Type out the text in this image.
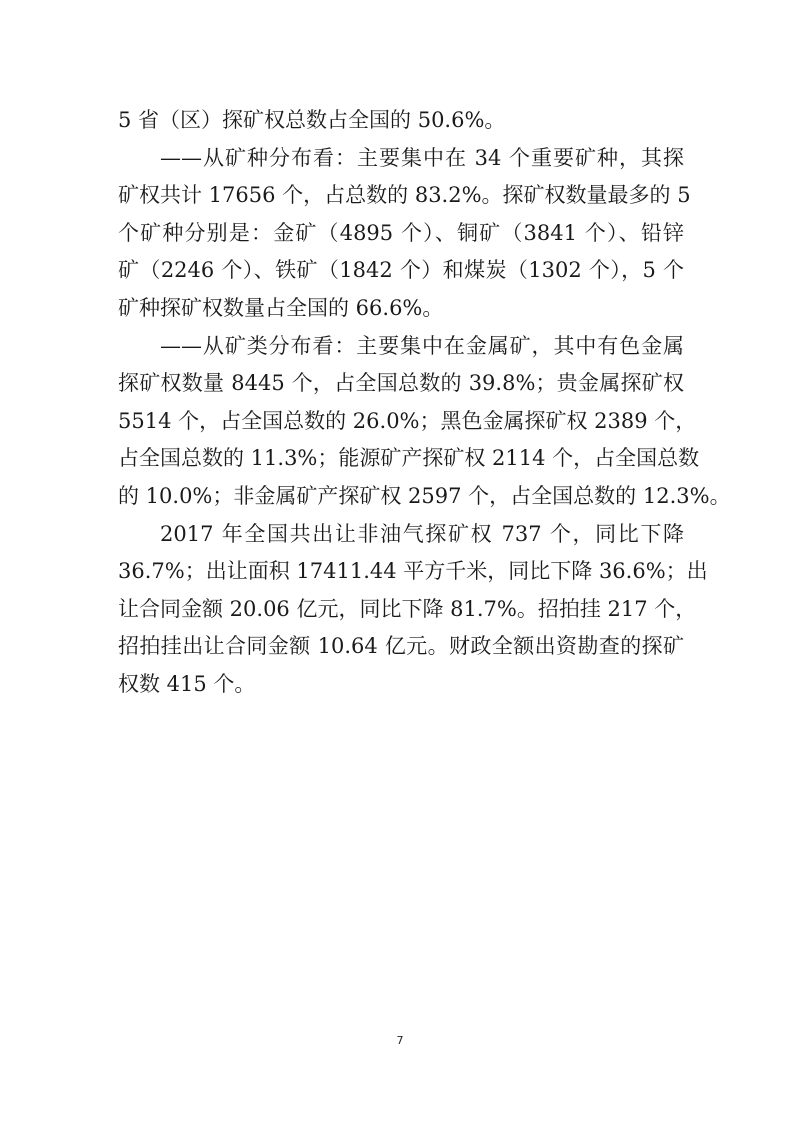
5 省（区）探矿权总数占全国的 50.6%。
——从矿种分布看：主要集中在 34 个重要矿种，其探
矿权共计 17656 个，占总数的 83.2%。探矿权数量最多的 5
个矿种分别是：金矿（4895 个）、铜矿（3841 个）、铅锌
矿（2246 个）、铁矿（1842 个）和煤炭（1302 个），5 个
矿种探矿权数量占全国的 66.6%。
——从矿类分布看：主要集中在金属矿，其中有色金属
探矿权数量 8445 个，占全国总数的 39.8%；贵金属探矿权
5514 个，占全国总数的 26.0%；黑色金属探矿权 2389 个，
占全国总数的 11.3%；能源矿产探矿权 2114 个，占全国总数
的 10.0%；非金属矿产探矿权 2597 个，占全国总数的 12.3%。
2017 年全国共出让非油气探矿权 737 个，同比下降
36.7%；出让面积 17411.44 平方千米，同比下降 36.6%；出
让合同金额 20.06 亿元，同比下降 81.7%。招拍挂 217 个，
招拍挂出让合同金额 10.64 亿元。财政全额出资勘查的探矿
权数 415 个。
7
